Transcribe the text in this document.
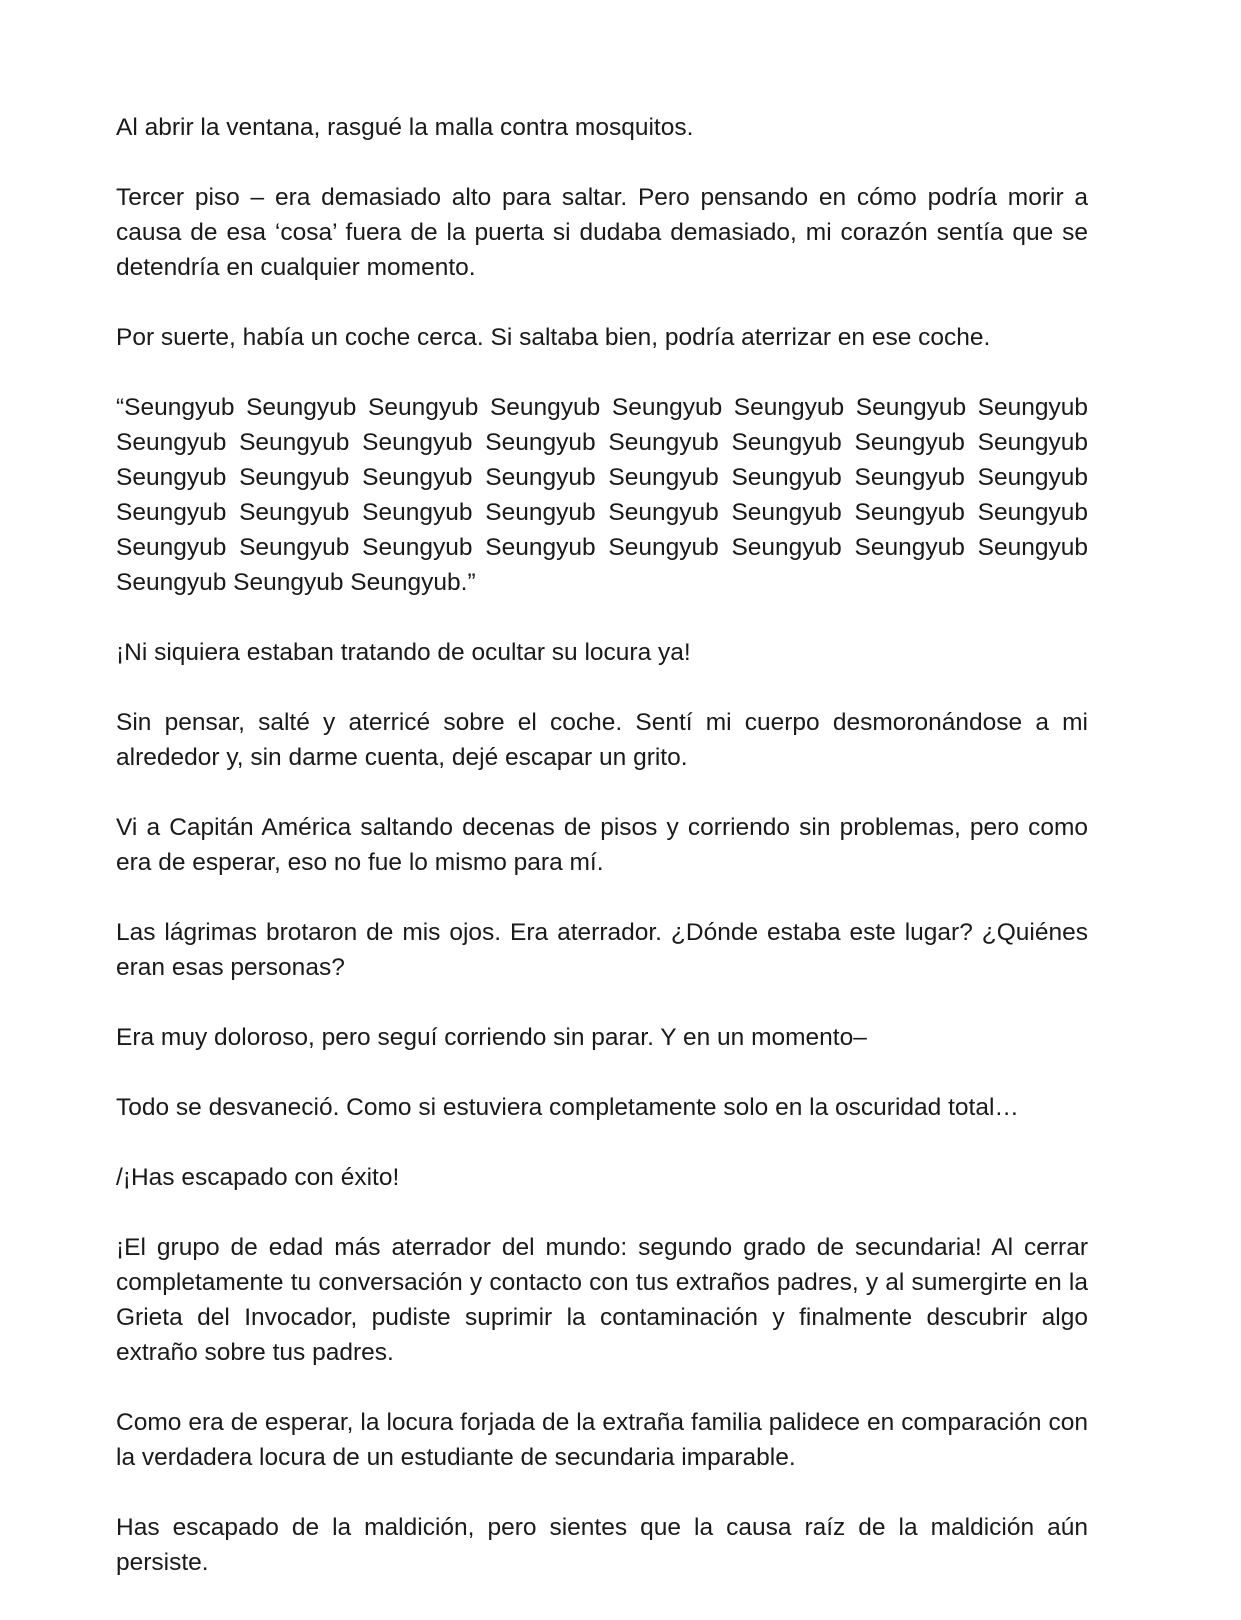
Al abrir la ventana, rasgué la malla contra mosquitos.

Tercer piso – era demasiado alto para saltar. Pero pensando en cómo podría morir a causa de esa ‘cosa’ fuera de la puerta si dudaba demasiado, mi corazón sentía que se detendría en cualquier momento.

Por suerte, había un coche cerca. Si saltaba bien, podría aterrizar en ese coche.

“Seungyub Seungyub Seungyub Seungyub Seungyub Seungyub Seungyub Seungyub Seungyub Seungyub Seungyub Seungyub Seungyub Seungyub Seungyub Seungyub Seungyub Seungyub Seungyub Seungyub Seungyub Seungyub Seungyub Seungyub Seungyub Seungyub Seungyub Seungyub Seungyub Seungyub Seungyub Seungyub Seungyub Seungyub Seungyub Seungyub Seungyub Seungyub Seungyub Seungyub Seungyub Seungyub Seungyub.”

¡Ni siquiera estaban tratando de ocultar su locura ya!

Sin pensar, salté y aterricé sobre el coche. Sentí mi cuerpo desmoronándose a mi alrededor y, sin darme cuenta, dejé escapar un grito.

Vi a Capitán América saltando decenas de pisos y corriendo sin problemas, pero como era de esperar, eso no fue lo mismo para mí.

Las lágrimas brotaron de mis ojos. Era aterrador. ¿Dónde estaba este lugar? ¿Quiénes eran esas personas?

Era muy doloroso, pero seguí corriendo sin parar. Y en un momento–

Todo se desvaneció. Como si estuviera completamente solo en la oscuridad total…

/¡Has escapado con éxito!

¡El grupo de edad más aterrador del mundo: segundo grado de secundaria! Al cerrar completamente tu conversación y contacto con tus extraños padres, y al sumergirte en la Grieta del Invocador, pudiste suprimir la contaminación y finalmente descubrir algo extraño sobre tus padres.

Como era de esperar, la locura forjada de la extraña familia palidece en comparación con la verdadera locura de un estudiante de secundaria imparable.

Has escapado de la maldición, pero sientes que la causa raíz de la maldición aún persiste.
